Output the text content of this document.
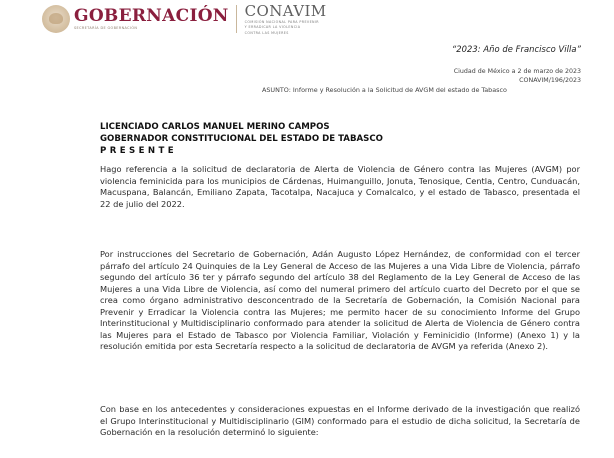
GOBERNACIÓN
SECRETARÍA DE GOBERNACIÓN
CONAVIM
COMISIÓN NACIONAL PARA PREVENIR
Y ERRADICAR LA VIOLENCIA
CONTRA LAS MUJERES
“2023: Año de Francisco Villa”
Ciudad de México a 2 de marzo de 2023
CONAVIM/196/2023
ASUNTO: Informe y Resolución a la Solicitud de AVGM del estado de Tabasco
LICENCIADO CARLOS MANUEL MERINO CAMPOS
GOBERNADOR CONSTITUCIONAL DEL ESTADO DE TABASCO
PRESENTE

Hago referencia a la solicitud de declaratoria de Alerta de Violencia de Género contra las Mujeres (AVGM) por violencia feminicida para los municipios de Cárdenas, Huimanguillo, Jonuta, Tenosique, Centla, Centro, Cunduacán, Macuspana, Balancán, Emiliano Zapata, Tacotalpa, Nacajuca y Comalcalco, y el estado de Tabasco, presentada el 22 de julio del 2022.

Por instrucciones del Secretario de Gobernación, Adán Augusto López Hernández, de conformidad con el tercer párrafo del artículo 24 Quinquies de la Ley General de Acceso de las Mujeres a una Vida Libre de Violencia, párrafo segundo del artículo 36 ter y párrafo segundo del artículo 38 del Reglamento de la Ley General de Acceso de las Mujeres a una Vida Libre de Violencia, así como del numeral primero del artículo cuarto del Decreto por el que se crea como órgano administrativo desconcentrado de la Secretaría de Gobernación, la Comisión Nacional para Prevenir y Erradicar la Violencia contra las Mujeres; me permito hacer de su conocimiento Informe del Grupo Interinstitucional y Multidisciplinario conformado para atender la solicitud de Alerta de Violencia de Género contra las Mujeres para el Estado de Tabasco por Violencia Familiar, Violación y Feminicidio (Informe) (Anexo 1) y la resolución emitida por esta Secretaría respecto a la solicitud de declaratoria de AVGM ya referida (Anexo 2).

Con base en los antecedentes y consideraciones expuestas en el Informe derivado de la investigación que realizó el Grupo Interinstitucional y Multidisciplinario (GIM) conformado para el estudio de dicha solicitud, la Secretaría de Gobernación en la resolución determinó lo siguiente:
